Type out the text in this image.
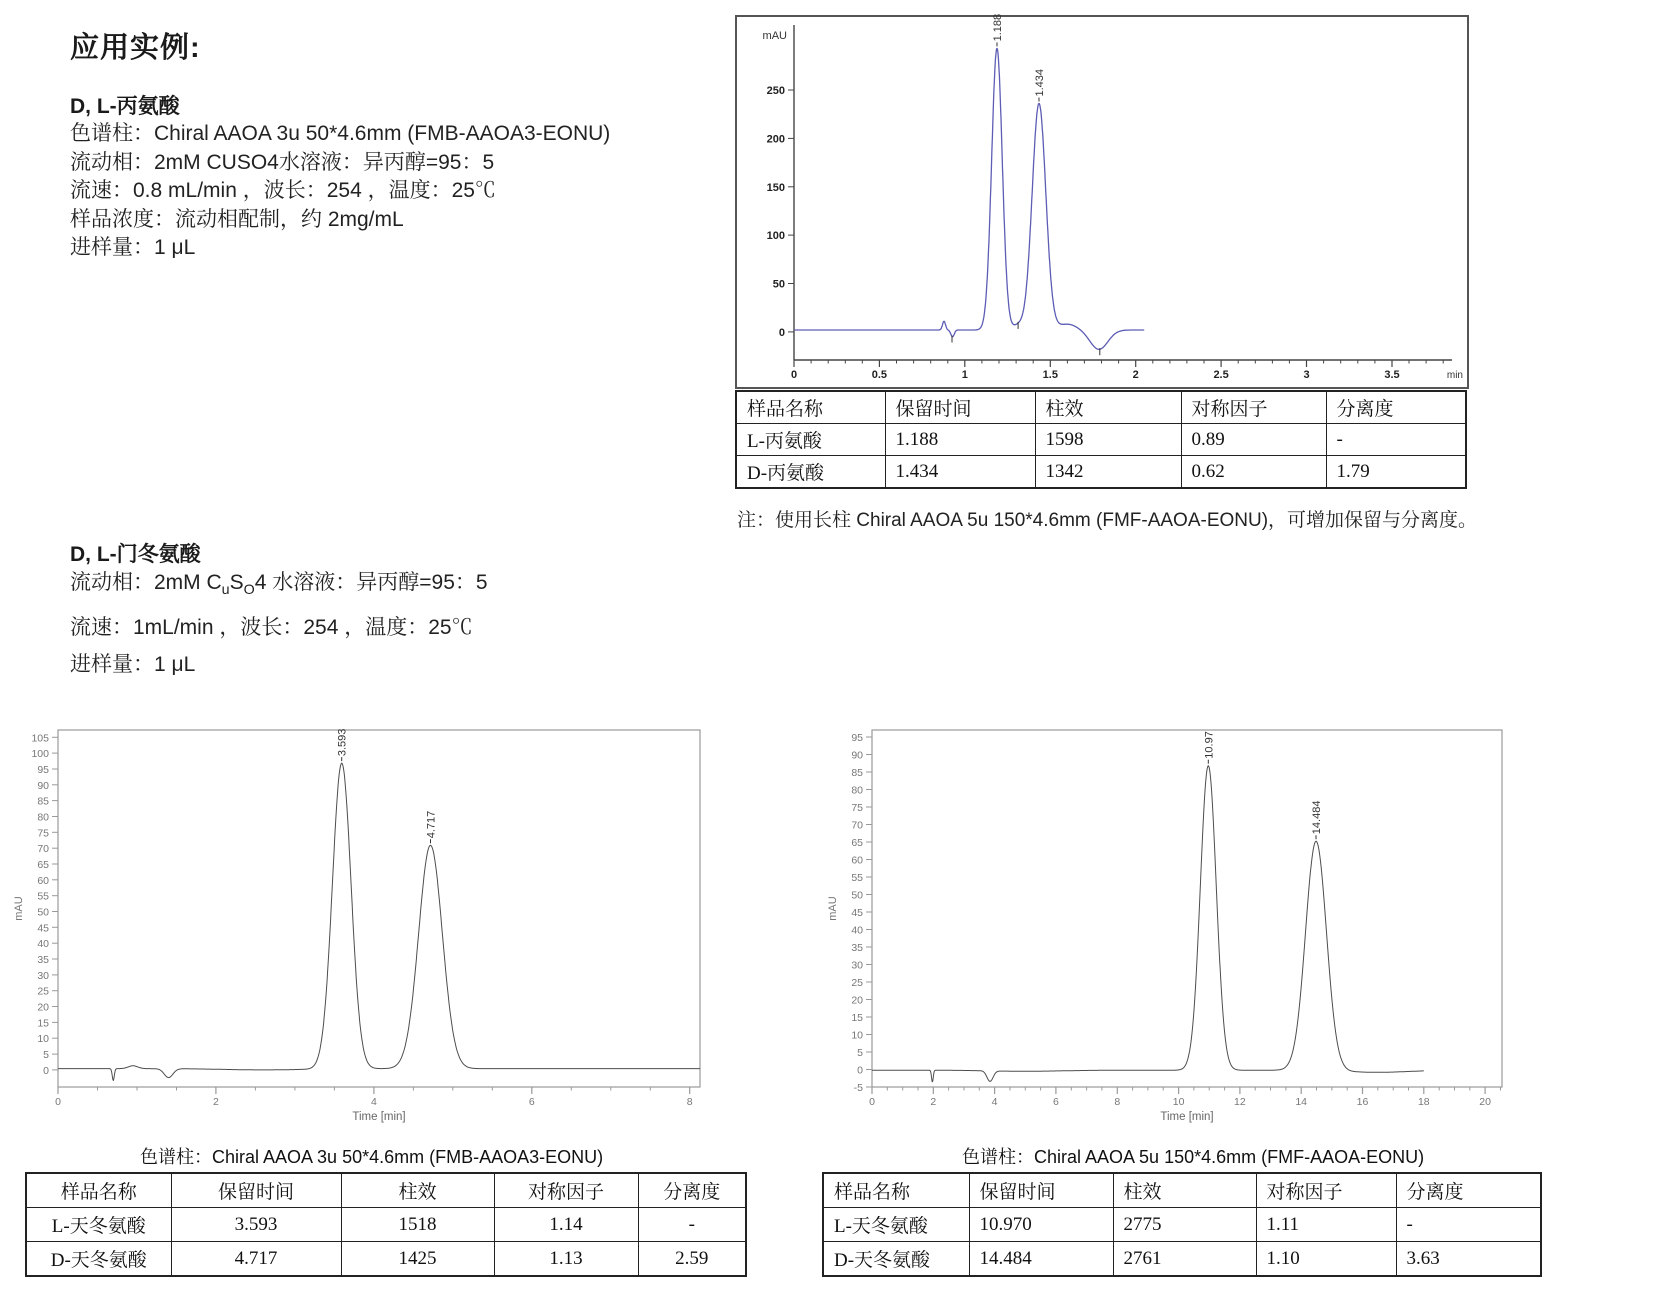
应用实例:
D, L-丙氨酸
色谱柱：Chiral AAOA 3u 50*4.6mm (FMB-AAOA3-EONU)
流动相：2mM CUSO4水溶液：异丙醇=95：5
流速：0.8 mL/min ，波长：254 ，温度：25℃
样品浓度：流动相配制，约 2mg/mL
进样量：1 μL
0
50
100
150
200
250
0	0.5	1	1.5	2	2.5	3	3.5
mAU
min
1.188
1.434
样品名称	保留时间	柱效	对称因子	分离度
L-丙氨酸	1.188	1598	0.89	-
D-丙氨酸	1.434	1342	0.62	1.79
注：使用长柱 Chiral AAOA 5u 150*4.6mm (FMF-AAOA-EONU)，可增加保留与分离度。
D, L-门冬氨酸
流动相：2mM $C_uS_O4$ 水溶液：异丙醇=95：5
流速：1mL/min ，波长：254 ，温度：25℃
进样量：1 μL
0
5
10
15
20
25
30
35
40
45
50
55
60
65
70
75
80
85
90
95
100
105
0	2	4	6	8
mAU
Time [min]
3.593
4.717
-5
0
5
10
15
20
25
30
35
40
45
50
55
60
65
70
75
80
85
90
95
0	2	4	6	8	10	12	14	16	18	20
mAU
Time [min]
10.97
14.484
色谱柱：Chiral AAOA 3u 50*4.6mm (FMB-AAOA3-EONU)	色谱柱：Chiral AAOA 5u 150*4.6mm (FMF-AAOA-EONU)
样品名称	保留时间	柱效	对称因子	分离度
L-天冬氨酸	3.593	1518	1.14	-
D-天冬氨酸	4.717	1425	1.13	2.59
样品名称	保留时间	柱效	对称因子	分离度
L-天冬氨酸	10.970	2775	1.11	-
D-天冬氨酸	14.484	2761	1.10	3.63
